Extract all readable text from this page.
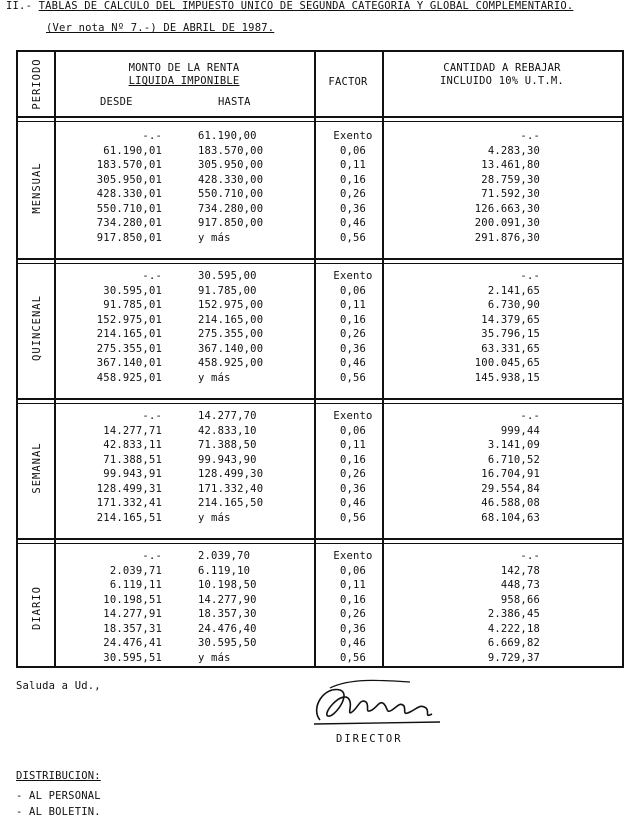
II.- TABLAS DE CALCULO DEL IMPUESTO UNICO DE SEGUNDA CATEGORIA Y GLOBAL COMPLEMENTARIO.
(Ver nota Nº 7.-) DE ABRIL DE 1987.
PERIODO	MONTO DE LA RENTA
LIQUIDA IMPONIBLE
DESDE	HASTA
FACTOR
CANTIDAD A REBAJAR
INCLUIDO 10% U.T.M.
MENSUAL
-.-	61.190,00	Exento	-.-
61.190,01	183.570,00	0,06	4.283,30
183.570,01	305.950,00	0,11	13.461,80
305.950,01	428.330,00	0,16	28.759,30
428.330,01	550.710,00	0,26	71.592,30
550.710,01	734.280,00	0,36	126.663,30
734.280,01	917.850,00	0,46	200.091,30
917.850,01	y más	0,56	291.876,30
QUINCENAL
-.-	30.595,00	Exento	-.-
30.595,01	91.785,00	0,06	2.141,65
91.785,01	152.975,00	0,11	6.730,90
152.975,01	214.165,00	0,16	14.379,65
214.165,01	275.355,00	0,26	35.796,15
275.355,01	367.140,00	0,36	63.331,65
367.140,01	458.925,00	0,46	100.045,65
458.925,01	y más	0,56	145.938,15
SEMANAL
-.-	14.277,70	Exento	-.-
14.277,71	42.833,10	0,06	999,44
42.833,11	71.388,50	0,11	3.141,09
71.388,51	99.943,90	0,16	6.710,52
99.943,91	128.499,30	0,26	16.704,91
128.499,31	171.332,40	0,36	29.554,84
171.332,41	214.165,50	0,46	46.588,08
214.165,51	y más	0,56	68.104,63
DIARIO
-.-	2.039,70	Exento	-.-
2.039,71	6.119,10	0,06	142,78
6.119,11	10.198,50	0,11	448,73
10.198,51	14.277,90	0,16	958,66
14.277,91	18.357,30	0,26	2.386,45
18.357,31	24.476,40	0,36	4.222,18
24.476,41	30.595,50	0,46	6.669,82
30.595,51	y más	0,56	9.729,37
Saluda a Ud.,
DIRECTOR
DISTRIBUCION:
- AL PERSONAL
- AL BOLETIN.
